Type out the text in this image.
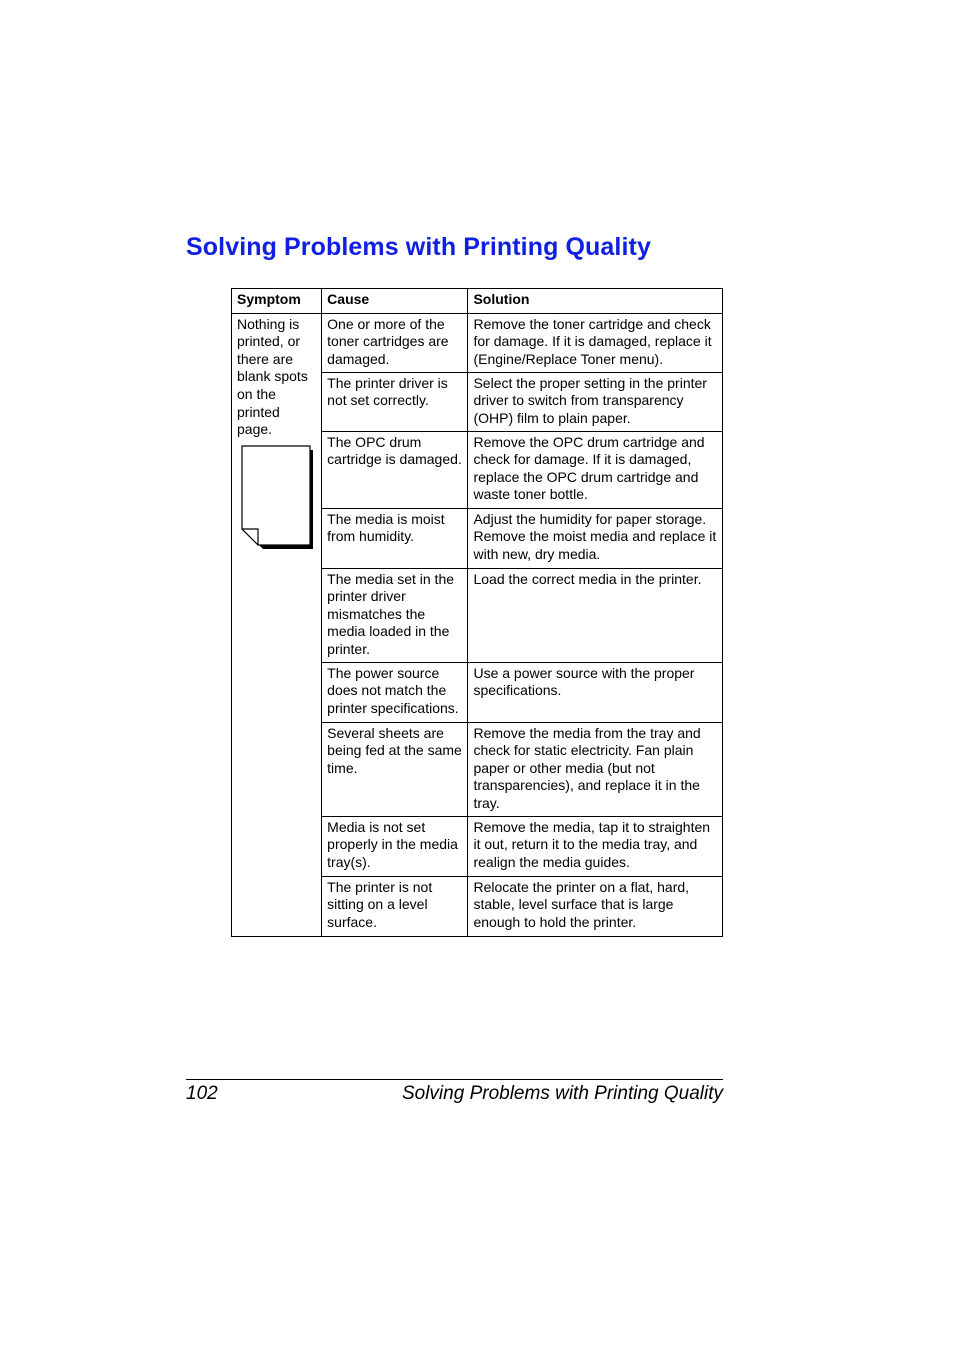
Solving Problems with Printing Quality
Symptom	Cause	Solution

Nothing is printed, or there are blank spots on the printed page.	One or more of the toner cartridges are damaged.	Remove the toner cartridge and check for damage. If it is damaged, replace it (Engine/Replace Toner menu).
	The printer driver is not set correctly.	Select the proper setting in the printer driver to switch from transparency (OHP) film to plain paper.
	The OPC drum cartridge is damaged.	Remove the OPC drum cartridge and check for damage. If it is damaged, replace the OPC drum cartridge and waste toner bottle.
	The media is moist from humidity.	Adjust the humidity for paper storage. Remove the moist media and replace it with new, dry media.
	The media set in the printer driver mismatches the media loaded in the printer.	Load the correct media in the printer.
	The power source does not match the printer specifications.	Use a power source with the proper specifications.
	Several sheets are being fed at the same time.	Remove the media from the tray and check for static electricity. Fan plain paper or other media (but not transparencies), and replace it in the tray.
	Media is not set properly in the media tray(s).	Remove the media, tap it to straighten it out, return it to the media tray, and realign the media guides.
	The printer is not sitting on a level surface.	Relocate the printer on a flat, hard, stable, level surface that is large enough to hold the printer.
102	Solving Problems with Printing Quality
